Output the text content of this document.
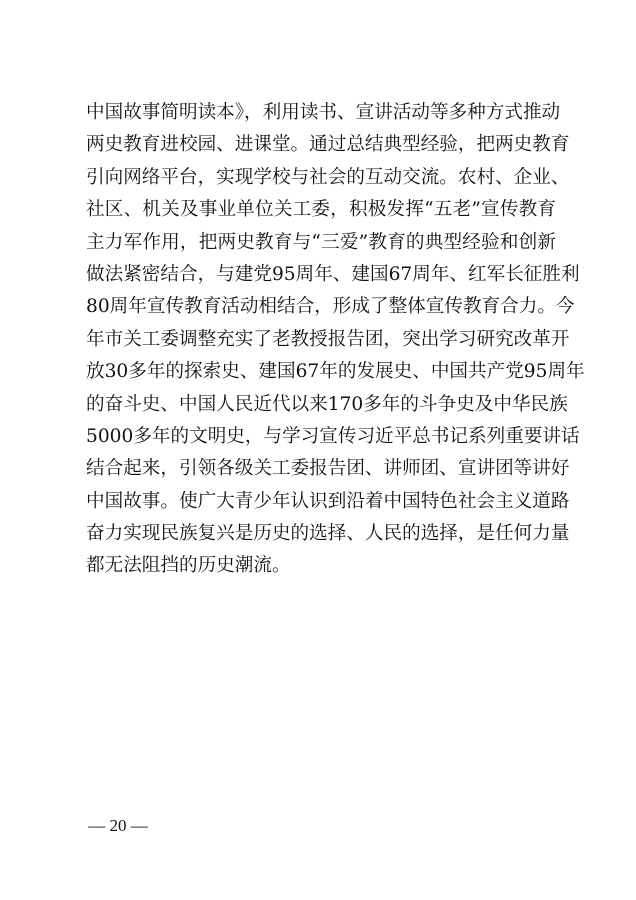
中国故事简明读本》，利用读书、宣讲活动等多种方式推动
两史教育进校园、进课堂。通过总结典型经验，把两史教育
引向网络平台，实现学校与社会的互动交流。农村、企业、
社区、机关及事业单位关工委，积极发挥“五老”宣传教育
主力军作用，把两史教育与“三爱”教育的典型经验和创新
做法紧密结合，与建党95周年、建国67周年、红军长征胜利
80周年宣传教育活动相结合，形成了整体宣传教育合力。今
年市关工委调整充实了老教授报告团，突出学习研究改革开
放30多年的探索史、建国67年的发展史、中国共产党95周年
的奋斗史、中国人民近代以来170多年的斗争史及中华民族
5000多年的文明史，与学习宣传习近平总书记系列重要讲话
结合起来，引领各级关工委报告团、讲师团、宣讲团等讲好
中国故事。使广大青少年认识到沿着中国特色社会主义道路
奋力实现民族复兴是历史的选择、人民的选择，是任何力量
都无法阻挡的历史潮流。
— 20 —
